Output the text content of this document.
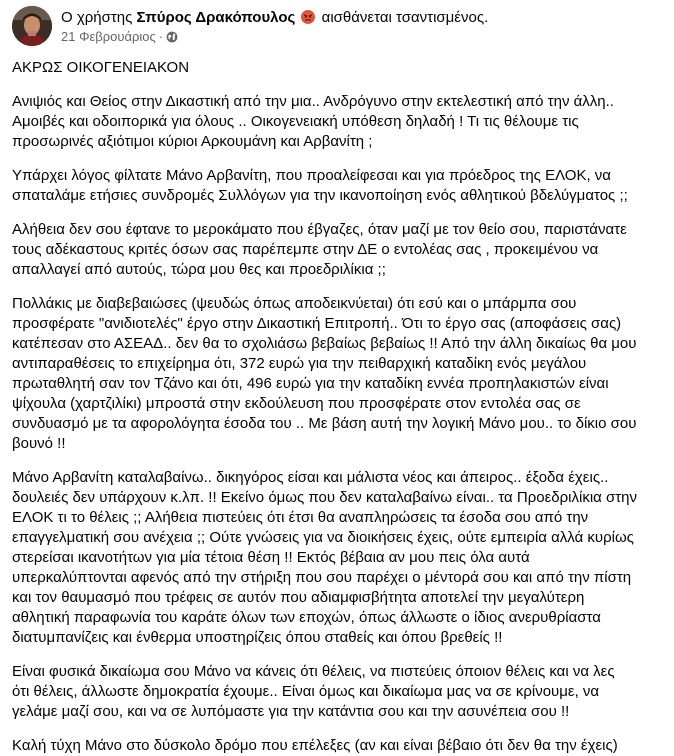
Ο χρήστης Σπύρος Δρακόπουλος αισθάνεται τσαντισμένος.
21 Φεβρουάριος ·

ΑΚΡΩΣ ΟΙΚΟΓΕΝΕΙΑΚΟΝ

Ανιψιός και Θείος στην Δικαστική από την μια.. Ανδρόγυνο στην εκτελεστική από την άλλη..
Αμοιβές και οδοιπορικά για όλους .. Οικογενειακή υπόθεση δηλαδή ! Τι τις θέλουμε τις
προσωρινές αξιότιμοι κύριοι Αρκουμάνη και Αρβανίτη ;

Υπάρχει λόγος φίλτατε Μάνο Αρβανίτη, που προαλείφεσαι και για πρόεδρος της ΕΛΟΚ, να
σπαταλάμε ετήσιες συνδρομές Συλλόγων για την ικανοποίηση ενός αθλητικού βδελύγματος ;;

Αλήθεια δεν σου έφτανε το μεροκάματο που έβγαζες, όταν μαζί με τον θείο σου, παριστάνατε
τους αδέκαστους κριτές όσων σας παρέπεμπε στην ΔΕ ο εντολέας σας , προκειμένου να
απαλλαγεί από αυτούς, τώρα μου θες και προεδριλίκια ;;

Πολλάκις με διαβεβαιώσες (ψευδώς όπως αποδεικνύεται) ότι εσύ και ο μπάρμπα σου
προσφέρατε "ανιδιοτελές" έργο στην Δικαστική Επιτροπή.. Ότι το έργο σας (αποφάσεις σας)
κατέπεσαν στο ΑΣΕΑΔ.. δεν θα το σχολιάσω βεβαίως βεβαίως !! Από την άλλη δικαίως θα μου
αντιπαραθέσεις το επιχείρημα ότι, 372 ευρώ για την πειθαρχική καταδίκη ενός μεγάλου
πρωταθλητή σαν τον Τζάνο και ότι, 496 ευρώ για την καταδίκη εννέα προπηλακιστών είναι
ψίχουλα (χαρτζιλίκι) μπροστά στην εκδούλευση που προσφέρατε στον εντολέα σας σε
συνδυασμό με τα αφορολόγητα έσοδα του .. Με βάση αυτή την λογική Μάνο μου.. το δίκιο σου
βουνό !!

Μάνο Αρβανίτη καταλαβαίνω.. δικηγόρος είσαι και μάλιστα νέος και άπειρος.. έξοδα έχεις..
δουλειές δεν υπάρχουν κ.λπ. !! Εκείνο όμως που δεν καταλαβαίνω είναι.. τα Προεδριλίκια στην
ΕΛΟΚ τι το θέλεις ;; Αλήθεια πιστεύεις ότι έτσι θα αναπληρώσεις τα έσοδα σου από την
επαγγελματική σου ανέχεια ;; Ούτε γνώσεις για να διοικήσεις έχεις, ούτε εμπειρία αλλά κυρίως
στερείσαι ικανοτήτων για μία τέτοια θέση !! Εκτός βέβαια αν μου πεις όλα αυτά
υπερκαλύπτονται αφενός από την στήριξη που σου παρέχει ο μέντορά σου και από την πίστη
και τον θαυμασμό που τρέφεις σε αυτόν που αδιαμφισβήτητα αποτελεί την μεγαλύτερη
αθλητική παραφωνία του καράτε όλων των εποχών, όπως άλλωστε ο ίδιος ανερυθρίαστα
διατυμπανίζεις και ένθερμα υποστηρίζεις όπου σταθείς και όπου βρεθείς !!

Είναι φυσικά δικαίωμα σου Μάνο να κάνεις ότι θέλεις, να πιστεύεις όποιον θέλεις και να λες
ότι θέλεις, άλλωστε δημοκρατία έχουμε.. Είναι όμως και δικαίωμα μας να σε κρίνουμε, να
γελάμε μαζί σου, και να σε λυπόμαστε για την κατάντια σου και την ασυνέπεια σου !!

Καλή τύχη Μάνο στο δύσκολο δρόμο που επέλεξες (αν και είναι βέβαιο ότι δεν θα την έχεις)
